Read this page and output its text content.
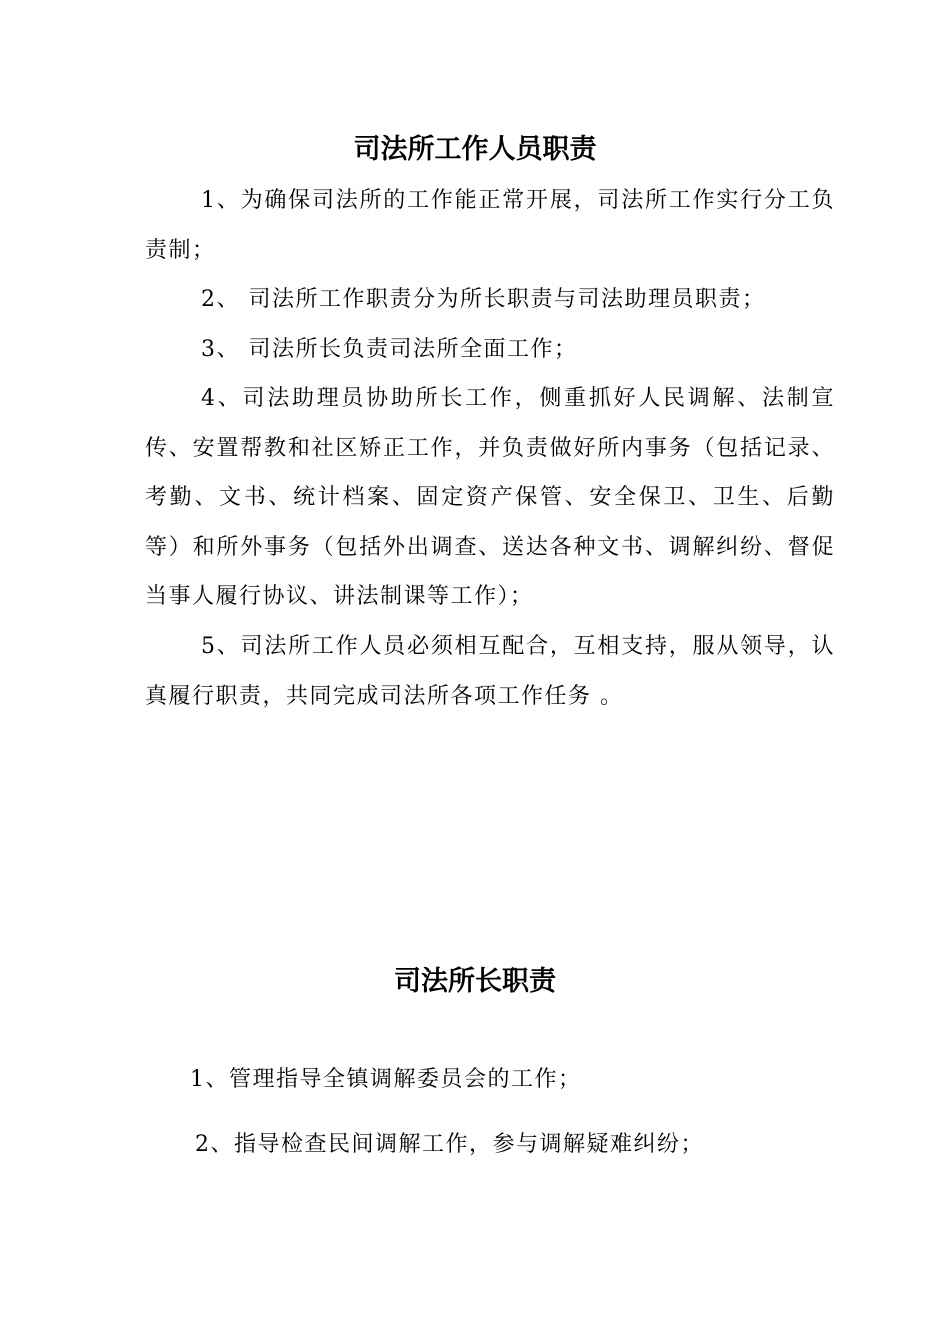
司法所工作人员职责

1、为确保司法所的工作能正常开展，司法所工作实行分工负责制；

2、 司法所工作职责分为所长职责与司法助理员职责；

3、 司法所长负责司法所全面工作；

4、司法助理员协助所长工作，侧重抓好人民调解、法制宣传、安置帮教和社区矫正工作，并负责做好所内事务（包括记录、考勤、文书、统计档案、固定资产保管、安全保卫、卫生、后勤等）和所外事务（包括外出调查、送达各种文书、调解纠纷、督促当事人履行协议、讲法制课等工作）；

5、司法所工作人员必须相互配合，互相支持，服从领导，认真履行职责，共同完成司法所各项工作任务 。

司法所长职责

1、管理指导全镇调解委员会的工作；

2、指导检查民间调解工作，参与调解疑难纠纷；
